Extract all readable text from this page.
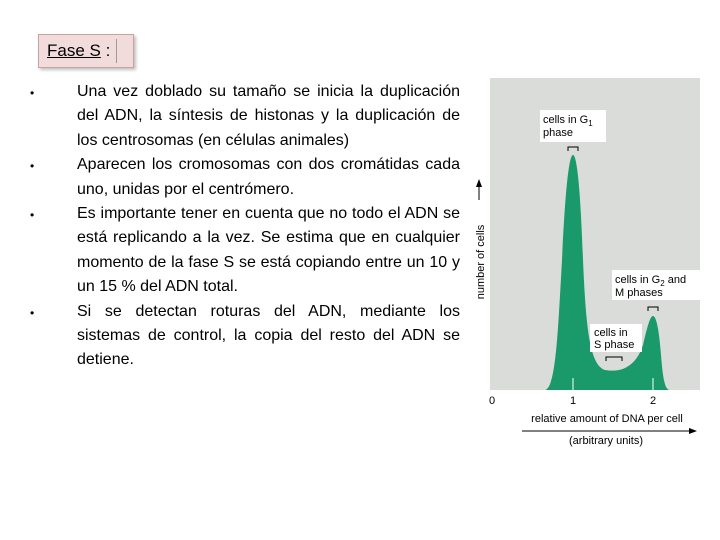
Fase S :
•	Una vez doblado su tamaño se inicia la duplicación del ADN, la síntesis de histonas y la duplicación de los centrosomas (en células animales)
•	Aparecen los cromosomas con dos cromátidas cada uno, unidas por el centrómero.
•	Es importante tener en cuenta que no todo el ADN se está replicando a la vez. Se estima que en cualquier momento de la fase S se está copiando entre un 10 y un 15 % del ADN total.
•	Si se detectan roturas del ADN, mediante los sistemas de control, la copia del resto del ADN se detiene.
number of cells
0	1	2
relative amount of DNA per cell
(arbitrary units)
cells in $G_1$
phase
cells in $G_2$ and
M phases
cells in
S phase
